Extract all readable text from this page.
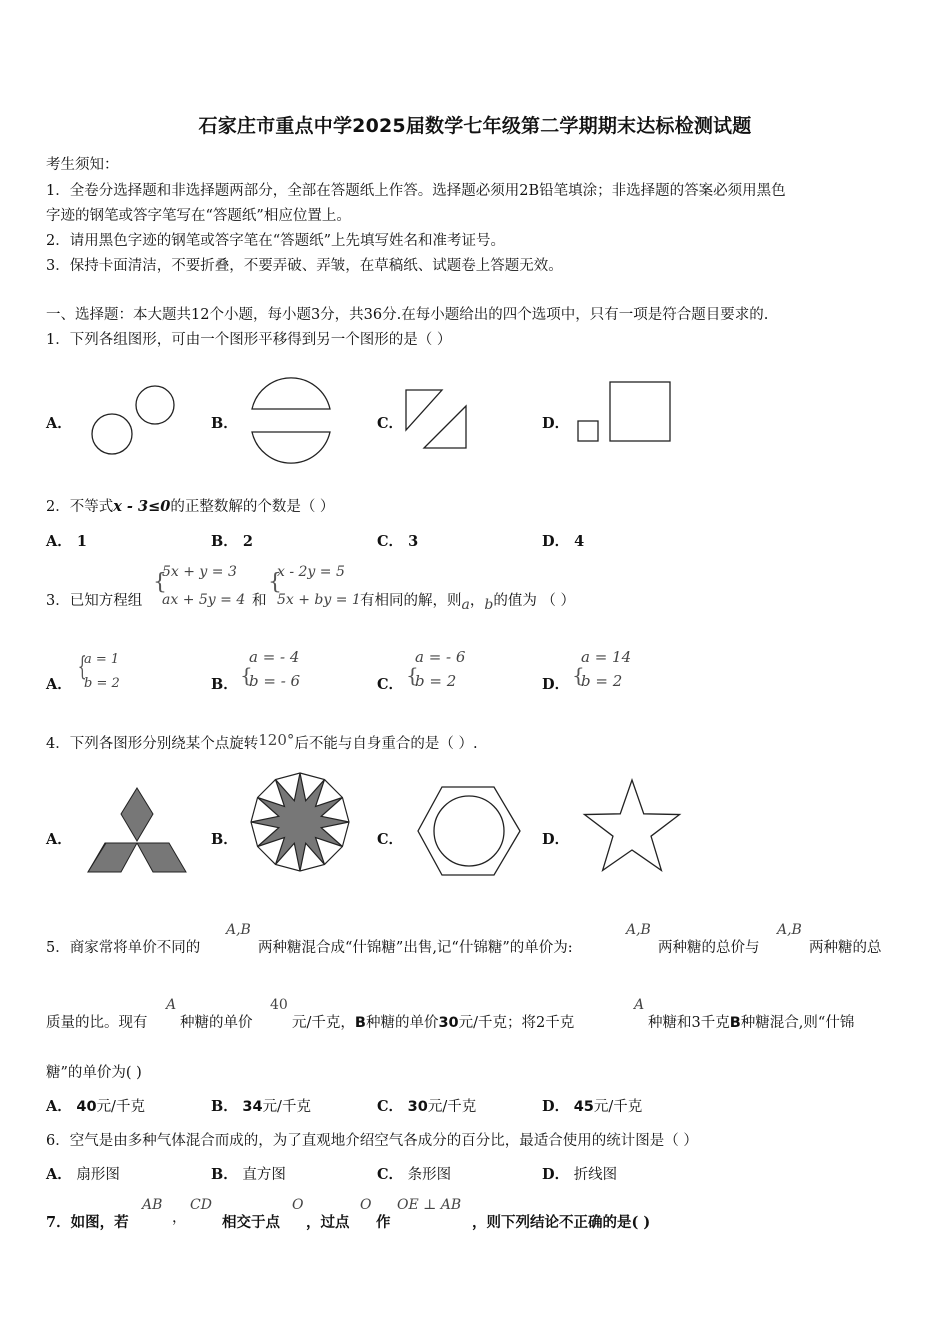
石家庄市重点中学2025届数学七年级第二学期期末达标检测试题
考生须知：
1．全卷分选择题和非选择题两部分，全部在答题纸上作答。选择题必须用2B铅笔填涂；非选择题的答案必须用黑色
字迹的钢笔或答字笔写在“答题纸”相应位置上。
2．请用黑色字迹的钢笔或答字笔在“答题纸”上先填写姓名和准考证号。
3．保持卡面清洁，不要折叠，不要弄破、弄皱，在草稿纸、试题卷上答题无效。
一、选择题：本大题共12个小题，每小题3分，共36分.在每小题给出的四个选项中，只有一项是符合题目要求的.
1．下列各组图形，可由一个图形平移得到另一个图形的是（ ）
A．	B．	C．	D．
2．不等式x - 3≤0的正整数解的个数是（ ）
A． 1	B． 2	C． 3	D． 4
3．已知方程组
{
5x + y = 3
ax + 5y = 4 和
{
x - 2y = 5
5x + by = 1 有相同的解，则a，b的值为 （ ）
A．
{
a = 1
b = 2	B． {
a = - 4
b = - 6	C． {
a = - 6
b = 2	D． {
a = 14
b = 2
4．下列各图形分别绕某个点旋转120°后不能与自身重合的是（ ）.
A．	B．	C．	D．
5．商家常将单价不同的
A,B
两种糖混合成“什锦糖”出售,记“什锦糖”的单价为:
A,B
两种糖的总价与
A,B
两种糖的总
质量的比。现有
A
种糖的单价
40
元/千克，B种糖的单价30元/千克；将2千克
A
种糖和3千克B种糖混合,则“什锦
糖”的单价为( )
A． 40元/千克	B． 34元/千克	C． 30元/千克	D． 45元/千克
6．空气是由多种气体混合而成的，为了直观地介绍空气各成分的百分比，最适合使用的统计图是（ ）
A． 扇形图	B． 直方图	C． 条形图	D． 折线图
7．如图，若
AB
，
CD
相交于点
O
，过点
O
作
OE ⊥ AB
，则下列结论不正确的是( )
